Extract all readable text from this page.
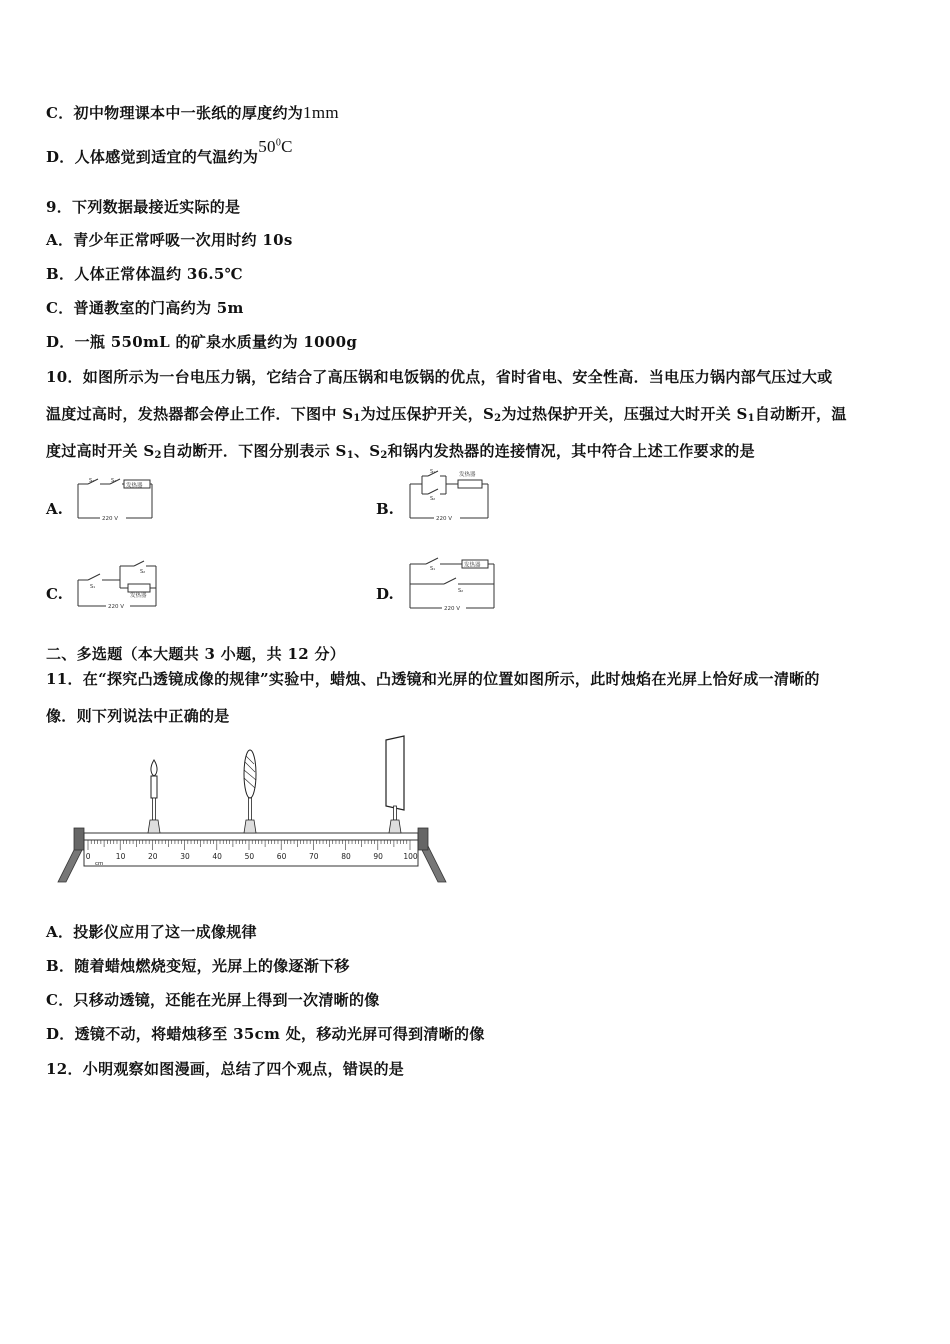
C．初中物理课本中一张纸的厚度约为1mm
D．人体感觉到适宜的气温约为$50^0C$
9．下列数据最接近实际的是
A．青少年正常呼吸一次用时约 10s
B．人体正常体温约 36.5℃
C．普通教室的门高约为 5m
D．一瓶 550mL 的矿泉水质量约为 1000g
10．如图所示为一台电压力锅，它结合了高压锅和电饭锅的优点，省时省电、安全性高．当电压力锅内部气压过大或
温度过高时，发热器都会停止工作．下图中 $S_1$为过压保护开关，$S_2$为过热保护开关，压强过大时开关 $S_1$自动断开，温
度过高时开关 $S_2$自动断开．下图分别表示 $S_1$、$S_2$和锅内发热器的连接情况，其中符合上述工作要求的是
A.	B.
C.	D.
S₁	S₂
发热器
220 V
S₁
S₂
发热器
220 V
S₁
S₂
发热器
220 V
S₁
发热器
S₂
220 V
二、多选题（本大题共 3 小题，共 12 分）
11．在“探究凸透镜成像的规律”实验中，蜡烛、凸透镜和光屏的位置如图所示，此时烛焰在光屏上恰好成一清晰的
像．则下列说法中正确的是
0	10	20	30	40	50	60	70	80	90	100
cm
A．投影仪应用了这一成像规律
B．随着蜡烛燃烧变短，光屏上的像逐渐下移
C．只移动透镜，还能在光屏上得到一次清晰的像
D．透镜不动，将蜡烛移至 35cm 处，移动光屏可得到清晰的像
12．小明观察如图漫画，总结了四个观点，错误的是
